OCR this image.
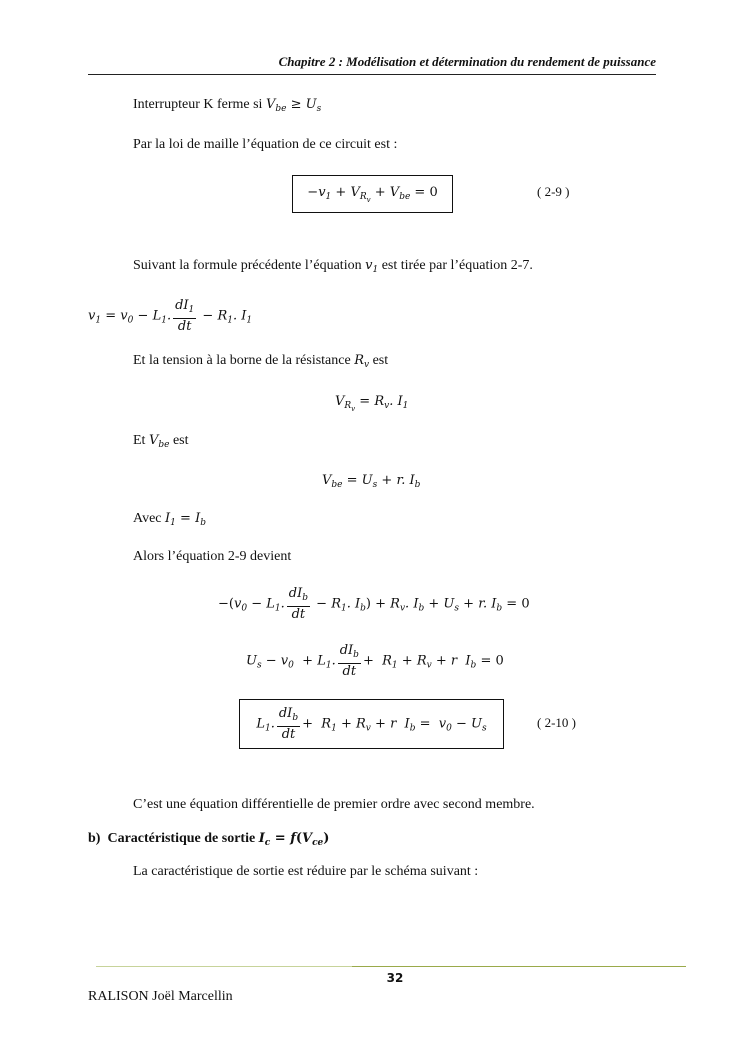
Chapitre 2 : Modélisation et détermination du rendement de puissance
Interrupteur K ferme si $V_{be} \ge U_s$
Par la loi de maille l’équation de ce circuit est :
$-v_1 + V_{R_v} + V_{be} = 0$	( 2-9 )
Suivant la formule précédente l’équation $v_1$ est tirée par l’équation 2-7.
$v_1 = v_0 - L_1$. $\frac{dI_1}{dt} - R_1$. $I_1$
Et la tension à la borne de la résistance $R_v$ est
$V_{R_v} = R_v$. $I_1$
Et $V_{be}$ est
$V_{be} = U_s + r$. $I_b$
Avec $I_1 = I_b$
Alors l’équation 2-9 devient
$-(v_0 - L_1$. $\frac{dI_b}{dt} - R_1$. $I_b) + R_v$. $I_b + U_s + r$. $I_b = 0$
$U_s - v_0 + L_1$. $\frac{dI_b}{dt} + R_1 + R_v + r$ $I_b = 0$
$L_1$. $\frac{dI_b}{dt} + R_1 + R_v + r$ $I_b = v_0 - U_s$	( 2-10 )
C’est une équation différentielle de premier ordre avec second membre.
b) Caractéristique de sortie $I_c = f(V_{ce})$
La caractéristique de sortie est réduire par le schéma suivant :
32
RALISON Joël Marcellin
